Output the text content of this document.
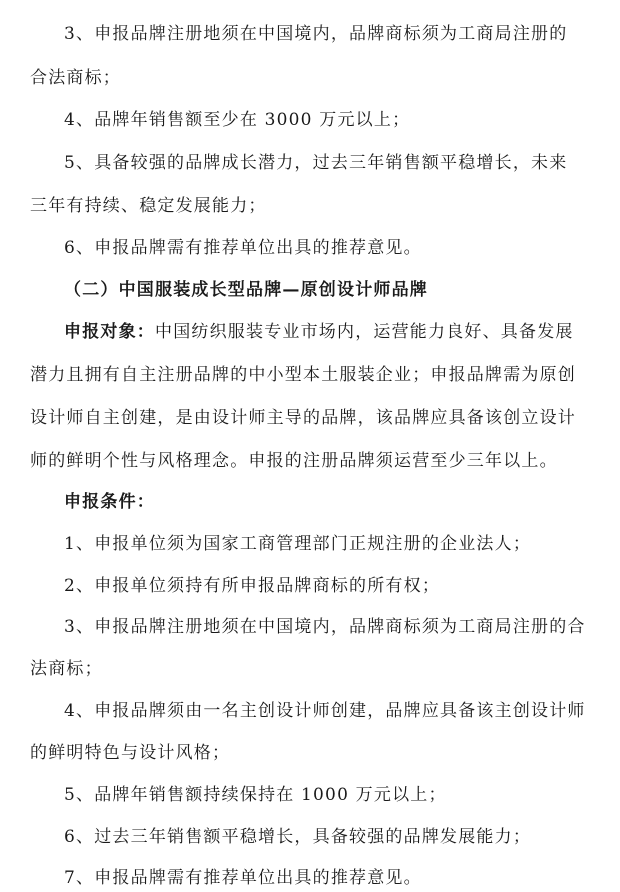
3、申报品牌注册地须在中国境内，品牌商标须为工商局注册的
合法商标；
4、品牌年销售额至少在 3000 万元以上；
5、具备较强的品牌成长潜力，过去三年销售额平稳增长，未来
三年有持续、稳定发展能力；
6、申报品牌需有推荐单位出具的推荐意见。
（二）中国服装成长型品牌—原创设计师品牌
申报对象：中国纺织服装专业市场内，运营能力良好、具备发展
潜力且拥有自主注册品牌的中小型本土服装企业；申报品牌需为原创
设计师自主创建，是由设计师主导的品牌，该品牌应具备该创立设计
师的鲜明个性与风格理念。申报的注册品牌须运营至少三年以上。
申报条件：
1、申报单位须为国家工商管理部门正规注册的企业法人；
2、申报单位须持有所申报品牌商标的所有权；
3、申报品牌注册地须在中国境内，品牌商标须为工商局注册的合
法商标；
4、申报品牌须由一名主创设计师创建，品牌应具备该主创设计师
的鲜明特色与设计风格；
5、品牌年销售额持续保持在 1000 万元以上；
6、过去三年销售额平稳增长，具备较强的品牌发展能力；
7、申报品牌需有推荐单位出具的推荐意见。
